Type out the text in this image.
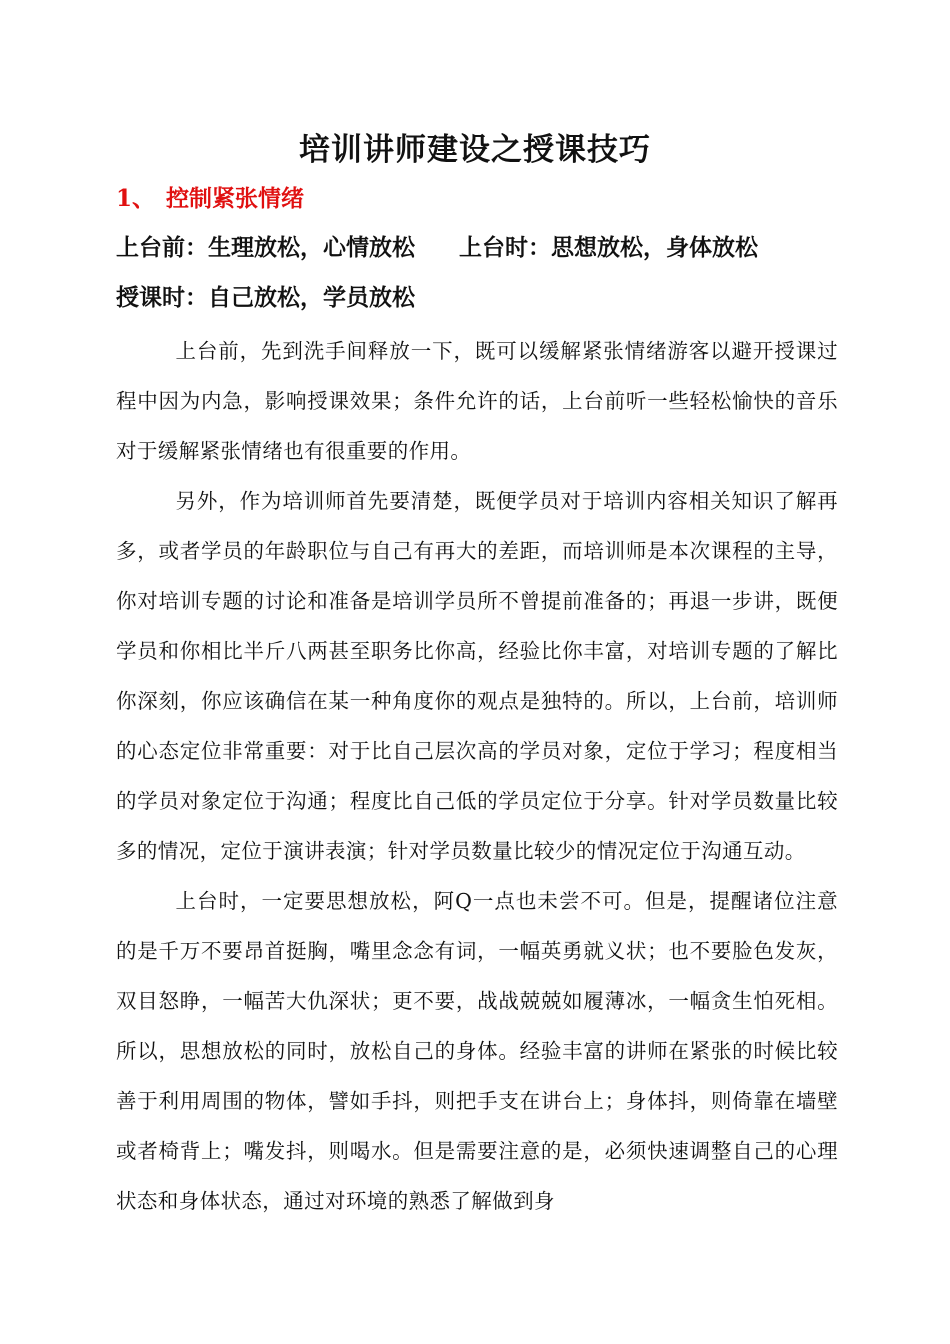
培训讲师建设之授课技巧
1、 控制紧张情绪
上台前：生理放松，心情放松 上台时：思想放松，身体放松
授课时：自己放松，学员放松

上台前，先到洗手间释放一下，既可以缓解紧张情绪游客以避开授课过程中因为内急，影响授课效果；条件允许的话，上台前听一些轻松愉快的音乐对于缓解紧张情绪也有很重要的作用。

另外，作为培训师首先要清楚，既便学员对于培训内容相关知识了解再多，或者学员的年龄职位与自己有再大的差距，而培训师是本次课程的主导，你对培训专题的讨论和准备是培训学员所不曾提前准备的；再退一步讲，既便学员和你相比半斤八两甚至职务比你高，经验比你丰富，对培训专题的了解比你深刻，你应该确信在某一种角度你的观点是独特的。所以，上台前，培训师的心态定位非常重要：对于比自己层次高的学员对象，定位于学习；程度相当的学员对象定位于沟通；程度比自己低的学员定位于分享。针对学员数量比较多的情况，定位于演讲表演；针对学员数量比较少的情况定位于沟通互动。

上台时，一定要思想放松，阿Q一点也未尝不可。但是，提醒诸位注意的是千万不要昂首挺胸，嘴里念念有词，一幅英勇就义状；也不要脸色发灰，双目怒睁，一幅苦大仇深状；更不要，战战兢兢如履薄冰，一幅贪生怕死相。所以，思想放松的同时，放松自己的身体。经验丰富的讲师在紧张的时候比较善于利用周围的物体，譬如手抖，则把手支在讲台上；身体抖，则倚靠在墙壁或者椅背上；嘴发抖，则喝水。但是需要注意的是，必须快速调整自己的心理状态和身体状态，通过对环境的熟悉了解做到身
